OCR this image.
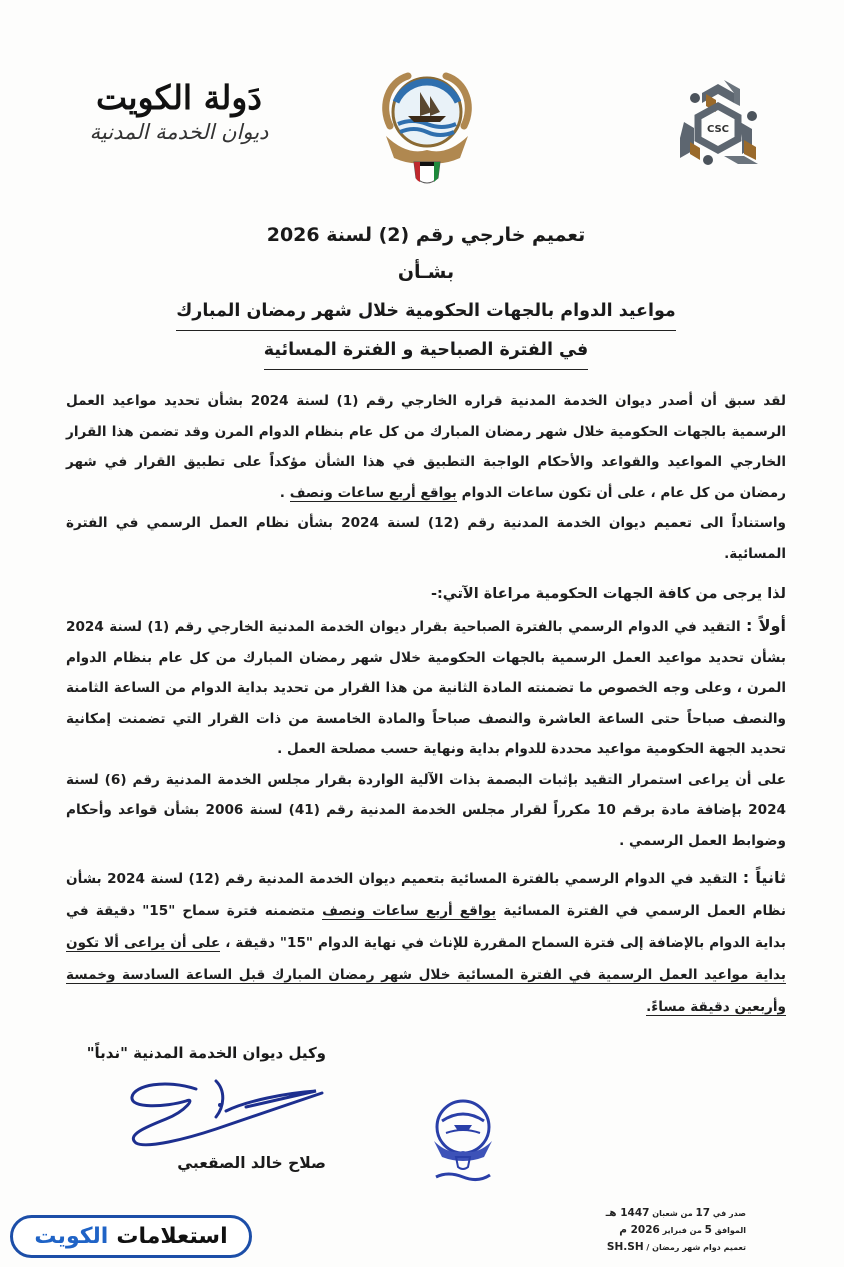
CSC
دَولة الكويت
ديوان الخدمة المدنية
تعميم خارجي رقم (2) لسنة 2026
بشـأن
مواعيد الدوام بالجهات الحكومية خلال شهر رمضان المبارك
في الفترة الصباحية و الفترة المسائية

لقد سبق أن أصدر ديوان الخدمة المدنية قراره الخارجي رقم (1) لسنة 2024 بشأن تحديد مواعيد العمل الرسمية بالجهات الحكومية خلال شهر رمضان المبارك من كل عام بنظام الدوام المرن وقد تضمن هذا القرار الخارجي المواعيد والقواعد والأحكام الواجبة التطبيق في هذا الشأن مؤكداً على تطبيق القرار في شهر رمضان من كل عام ، على أن تكون ساعات الدوام بواقع أربع ساعات ونصف .

واستناداً الى تعميم ديوان الخدمة المدنية رقم (12) لسنة 2024 بشأن نظام العمل الرسمي في الفترة المسائية.

لذا يرجى من كافة الجهات الحكومية مراعاة الآتي:-

أولاً : التقيد في الدوام الرسمي بالفترة الصباحية بقرار ديوان الخدمة المدنية الخارجي رقم (1) لسنة 2024 بشأن تحديد مواعيد العمل الرسمية بالجهات الحكومية خلال شهر رمضان المبارك من كل عام بنظام الدوام المرن ، وعلى وجه الخصوص ما تضمنته المادة الثانية من هذا القرار من تحديد بداية الدوام من الساعة الثامنة والنصف صباحاً حتى الساعة العاشرة والنصف صباحاً والمادة الخامسة من ذات القرار التي تضمنت إمكانية تحديد الجهة الحكومية مواعيد محددة للدوام بداية ونهاية حسب مصلحة العمل .

على أن يراعى استمرار التقيد بإثبات البصمة بذات الآلية الواردة بقرار مجلس الخدمة المدنية رقم (6) لسنة 2024 بإضافة مادة برقم 10 مكرراً لقرار مجلس الخدمة المدنية رقم (41) لسنة 2006 بشأن قواعد وأحكام وضوابط العمل الرسمي .

ثانياً : التقيد في الدوام الرسمي بالفترة المسائية بتعميم ديوان الخدمة المدنية رقم (12) لسنة 2024 بشأن نظام العمل الرسمي في الفترة المسائية بواقع أربع ساعات ونصف متضمنه فترة سماح "15" دقيقة في بداية الدوام بالإضافة إلى فترة السماح المقررة للإناث في نهاية الدوام "15" دقيقة ، على أن يراعى ألا تكون بداية مواعيد العمل الرسمية في الفترة المسائية خلال شهر رمضان المبارك قبل الساعة السادسة وخمسة وأربعين دقيقة مساءً.

وكيل ديوان الخدمة المدنية "ندباً"
صلاح خالد الصقعبي
صدر في 17 من شعبان 1447 هـ
الموافق 5 من فبراير 2026 م
تعميم دوام شهر رمضان / SH.SH
استعلامات
الكويت
